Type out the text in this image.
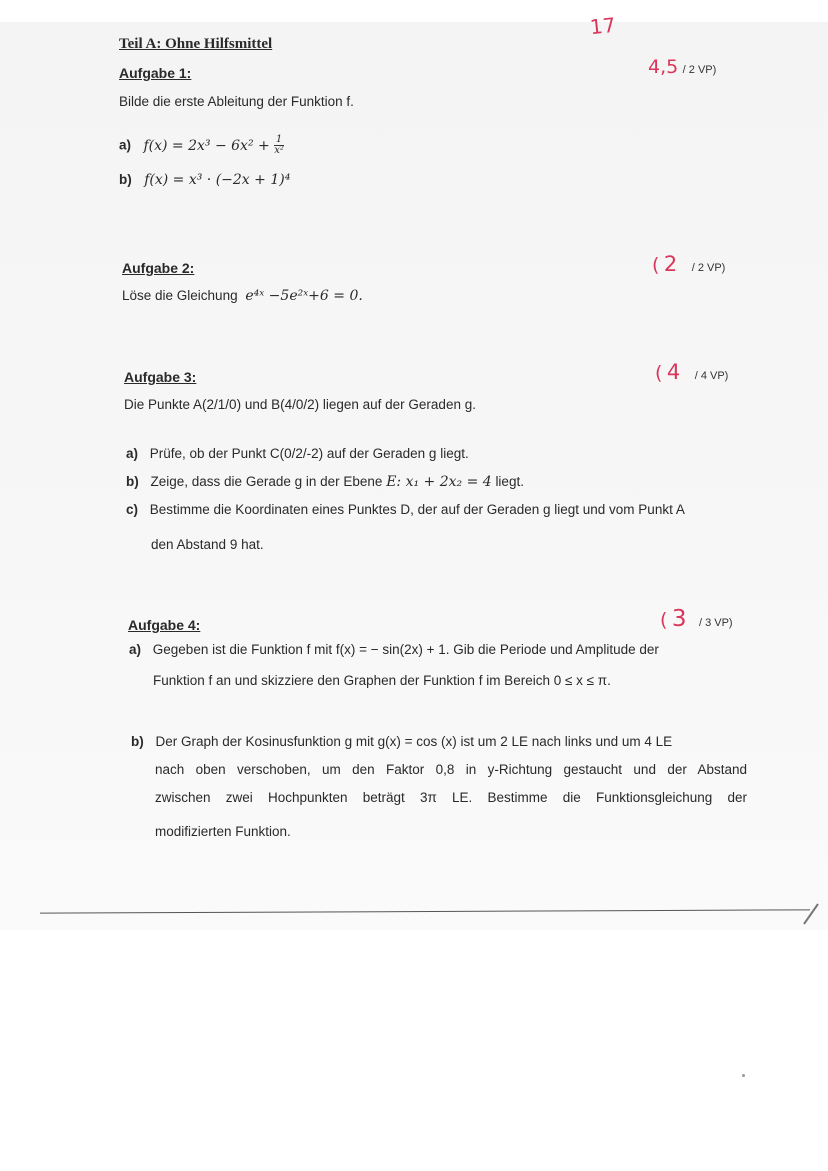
17
Teil A: Ohne Hilfsmittel
Aufgabe 1:	4,5 / 2 VP)
Bilde die erste Ableitung der Funktion f.
a) $f(x) = 2x^3 - 6x^2 + \frac{1}{\text{x²}}$
b) f(x) = x³ · (−2x + 1)⁴
Aufgabe 2:	( 2 / 2 VP)
Löse die Gleichung e⁴ˣ −5e²ˣ+6 = 0.
Aufgabe 3:	( 4 / 4 VP)
Die Punkte A(2/1/0) und B(4/0/2) liegen auf der Geraden g.
a) Prüfe, ob der Punkt C(0/2/-2) auf der Geraden g liegt.
b) Zeige, dass die Gerade g in der Ebene E: x₁ + 2x₂ = 4 liegt.
c) Bestimme die Koordinaten eines Punktes D, der auf der Geraden g liegt und vom Punkt A
den Abstand 9 hat.
Aufgabe 4:	( 3 / 3 VP)
a) Gegeben ist die Funktion f mit f(x) = − sin(2x) + 1. Gib die Periode und Amplitude der
Funktion f an und skizziere den Graphen der Funktion f im Bereich 0 ≤ x ≤ π.
b) Der Graph der Kosinusfunktion g mit g(x) = cos (x) ist um 2 LE nach links und um 4 LE
nach oben verschoben, um den Faktor 0,8 in y-Richtung gestaucht und der Abstand
zwischen zwei Hochpunkten beträgt 3π LE. Bestimme die Funktionsgleichung der
modifizierten Funktion.
